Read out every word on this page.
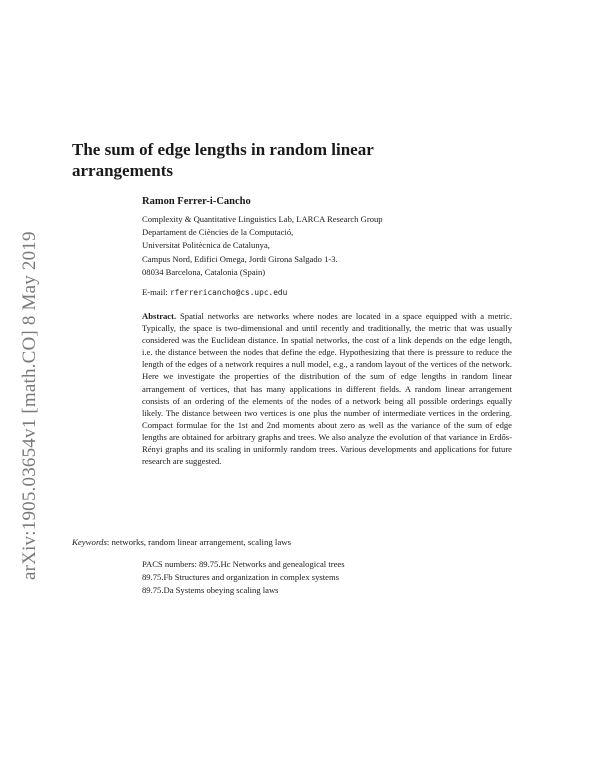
arXiv:1905.03654v1 [math.CO] 8 May 2019
The sum of edge lengths in random linear arrangements
Ramon Ferrer-i-Cancho
Complexity & Quantitative Linguistics Lab, LARCA Research Group
Departament de Ciències de la Computació,
Universitat Politècnica de Catalunya,
Campus Nord, Edifici Omega, Jordi Girona Salgado 1-3.
08034 Barcelona, Catalonia (Spain)
E-mail: rferrericancho@cs.upc.edu

Abstract. Spatial networks are networks where nodes are located in a space equipped with a metric. Typically, the space is two-dimensional and until recently and traditionally, the metric that was usually considered was the Euclidean distance. In spatial networks, the cost of a link depends on the edge length, i.e. the distance between the nodes that define the edge. Hypothesizing that there is pressure to reduce the length of the edges of a network requires a null model, e.g., a random layout of the vertices of the network. Here we investigate the properties of the distribution of the sum of edge lengths in random linear arrangement of vertices, that has many applications in different fields. A random linear arrangement consists of an ordering of the elements of the nodes of a network being all possible orderings equally likely. The distance between two vertices is one plus the number of intermediate vertices in the ordering. Compact formulae for the 1st and 2nd moments about zero as well as the variance of the sum of edge lengths are obtained for arbitrary graphs and trees. We also analyze the evolution of that variance in Erdős-Rényi graphs and its scaling in uniformly random trees. Various developments and applications for future research are suggested.

Keywords: networks, random linear arrangement, scaling laws
PACS numbers: 89.75.Hc Networks and genealogical trees
89.75.Fb Structures and organization in complex systems
89.75.Da Systems obeying scaling laws
